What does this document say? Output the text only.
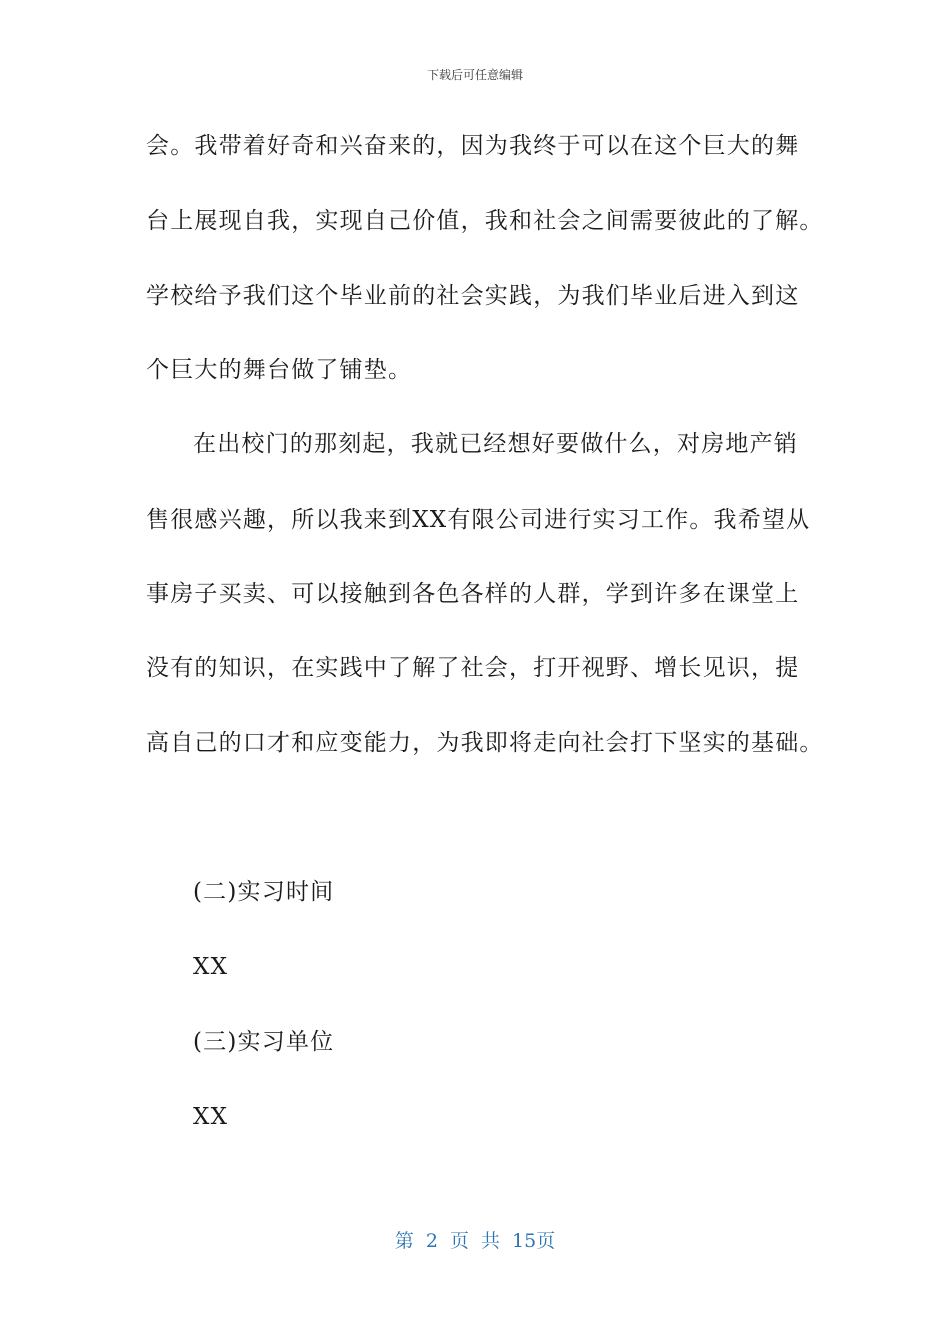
下载后可任意编辑
会。我带着好奇和兴奋来的，因为我终于可以在这个巨大的舞
台上展现自我，实现自己价值，我和社会之间需要彼此的了解。
学校给予我们这个毕业前的社会实践，为我们毕业后进入到这
个巨大的舞台做了铺垫。
在出校门的那刻起，我就已经想好要做什么，对房地产销
售很感兴趣，所以我来到XX有限公司进行实习工作。我希望从
事房子买卖、可以接触到各色各样的人群，学到许多在课堂上
没有的知识，在实践中了解了社会，打开视野、增长见识，提
高自己的口才和应变能力，为我即将走向社会打下坚实的基础。
(二)实习时间
XX
(三)实习单位
XX
第 2 页 共 15页
